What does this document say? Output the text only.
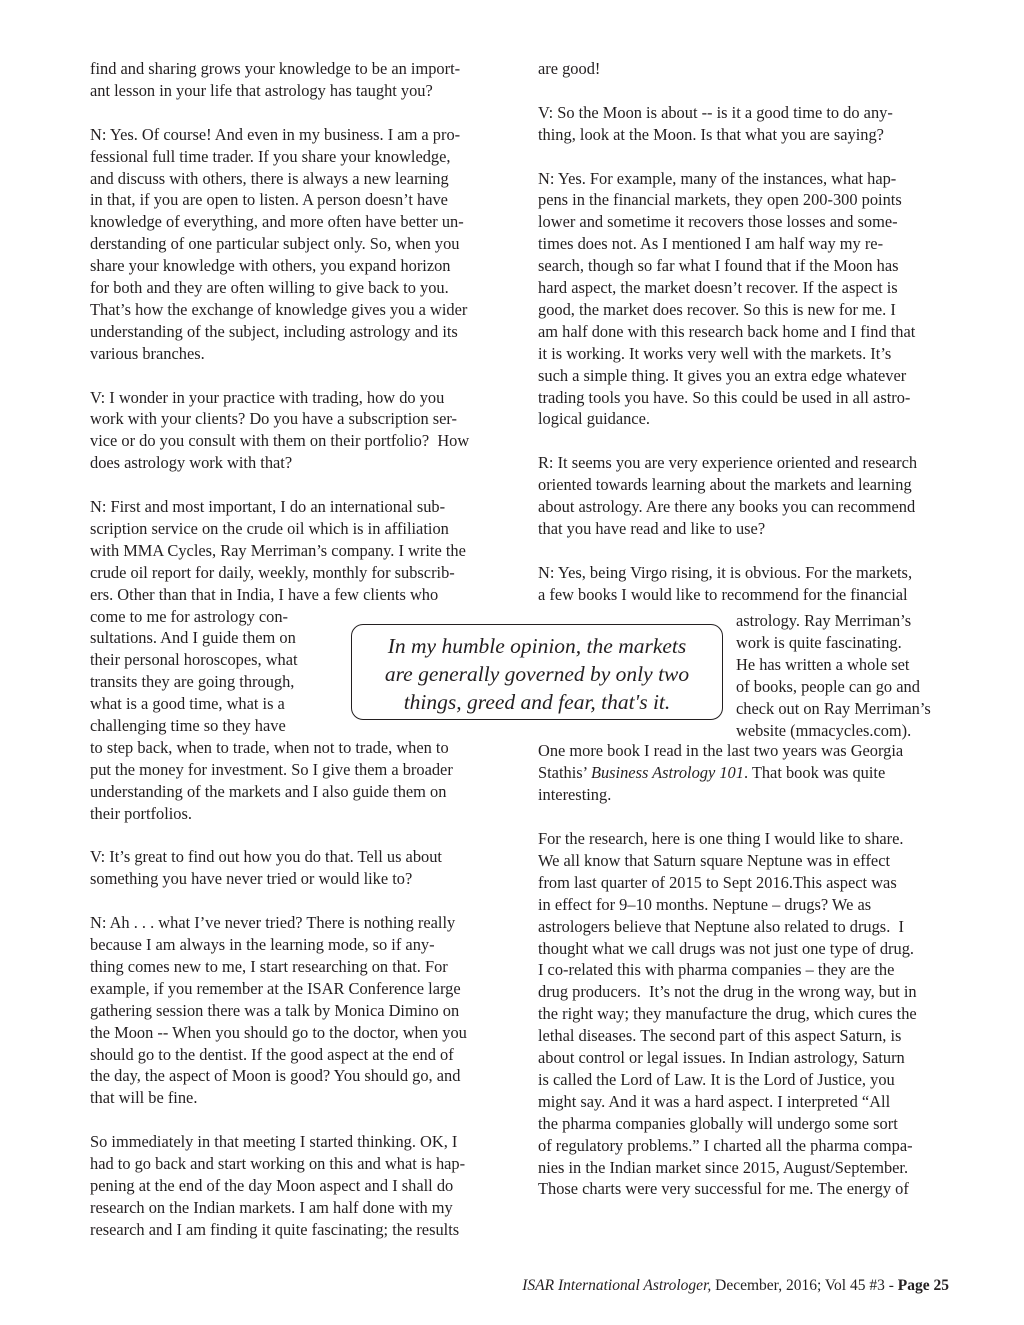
find and sharing grows your knowledge to be an import-
ant lesson in your life that astrology has taught you?
N: Yes. Of course! And even in my business. I am a pro-
fessional full time trader. If you share your knowledge,
and discuss with others, there is always a new learning
in that, if you are open to listen. A person doesn’t have
knowledge of everything, and more often have better un-
derstanding of one particular subject only. So, when you
share your knowledge with others, you expand horizon
for both and they are often willing to give back to you.
That’s how the exchange of knowledge gives you a wider
understanding of the subject, including astrology and its
various branches.
V: I wonder in your practice with trading, how do you
work with your clients? Do you have a subscription ser-
vice or do you consult with them on their portfolio?  How
does astrology work with that?
N: First and most important, I do an international sub-
scription service on the crude oil which is in affiliation
with MMA Cycles, Ray Merriman’s company. I write the
crude oil report for daily, weekly, monthly for subscrib-
ers. Other than that in India, I have a few clients who
come to me for astrology con-
sultations. And I guide them on
their personal horoscopes, what
transits they are going through,
what is a good time, what is a
challenging time so they have
to step back, when to trade, when not to trade, when to
put the money for investment. So I give them a broader
understanding of the markets and I also guide them on
their portfolios.
V: It’s great to find out how you do that. Tell us about
something you have never tried or would like to?
N: Ah . . . what I’ve never tried? There is nothing really
because I am always in the learning mode, so if any-
thing comes new to me, I start researching on that. For
example, if you remember at the ISAR Conference large
gathering session there was a talk by Monica Dimino on
the Moon -- When you should go to the doctor, when you
should go to the dentist. If the good aspect at the end of
the day, the aspect of Moon is good? You should go, and
that will be fine.
So immediately in that meeting I started thinking. OK, I
had to go back and start working on this and what is hap-
pening at the end of the day Moon aspect and I shall do
research on the Indian markets. I am half done with my
research and I am finding it quite fascinating; the results
are good!
V: So the Moon is about -- is it a good time to do any-
thing, look at the Moon. Is that what you are saying?
N: Yes. For example, many of the instances, what hap-
pens in the financial markets, they open 200-300 points
lower and sometime it recovers those losses and some-
times does not. As I mentioned I am half way my re-
search, though so far what I found that if the Moon has
hard aspect, the market doesn’t recover. If the aspect is
good, the market does recover. So this is new for me. I
am half done with this research back home and I find that
it is working. It works very well with the markets. It’s
such a simple thing. It gives you an extra edge whatever
trading tools you have. So this could be used in all astro-
logical guidance.
R: It seems you are very experience oriented and research
oriented towards learning about the markets and learning
about astrology. Are there any books you can recommend
that you have read and like to use?
N: Yes, being Virgo rising, it is obvious. For the markets,
a few books I would like to recommend for the financial
astrology. Ray Merriman’s
work is quite fascinating.
He has written a whole set
of books, people can go and
check out on Ray Merriman’s
website (mmacycles.com).
For the research, here is one thing I would like to share.
We all know that Saturn square Neptune was in effect
from last quarter of 2015 to Sept 2016.This aspect was
in effect for 9–10 months. Neptune – drugs? We as
astrologers believe that Neptune also related to drugs.  I
thought what we call drugs was not just one type of drug.
I co-related this with pharma companies – they are the
drug producers.  It’s not the drug in the wrong way, but in
the right way; they manufacture the drug, which cures the
lethal diseases. The second part of this aspect Saturn, is
about control or legal issues. In Indian astrology, Saturn
is called the Lord of Law. It is the Lord of Justice, you
might say. And it was a hard aspect. I interpreted “All
the pharma companies globally will undergo some sort
of regulatory problems.” I charted all the pharma compa-
nies in the Indian market since 2015, August/September.
Those charts were very successful for me. The energy of
In my humble opinion, the markets
are generally governed by only two
things, greed and fear, that's it.
One more book I read in the last two years was Georgia
Stathis’ Business Astrology 101. That book was quite
interesting.
ISAR International Astrologer, December, 2016; Vol 45 #3 - Page 25
